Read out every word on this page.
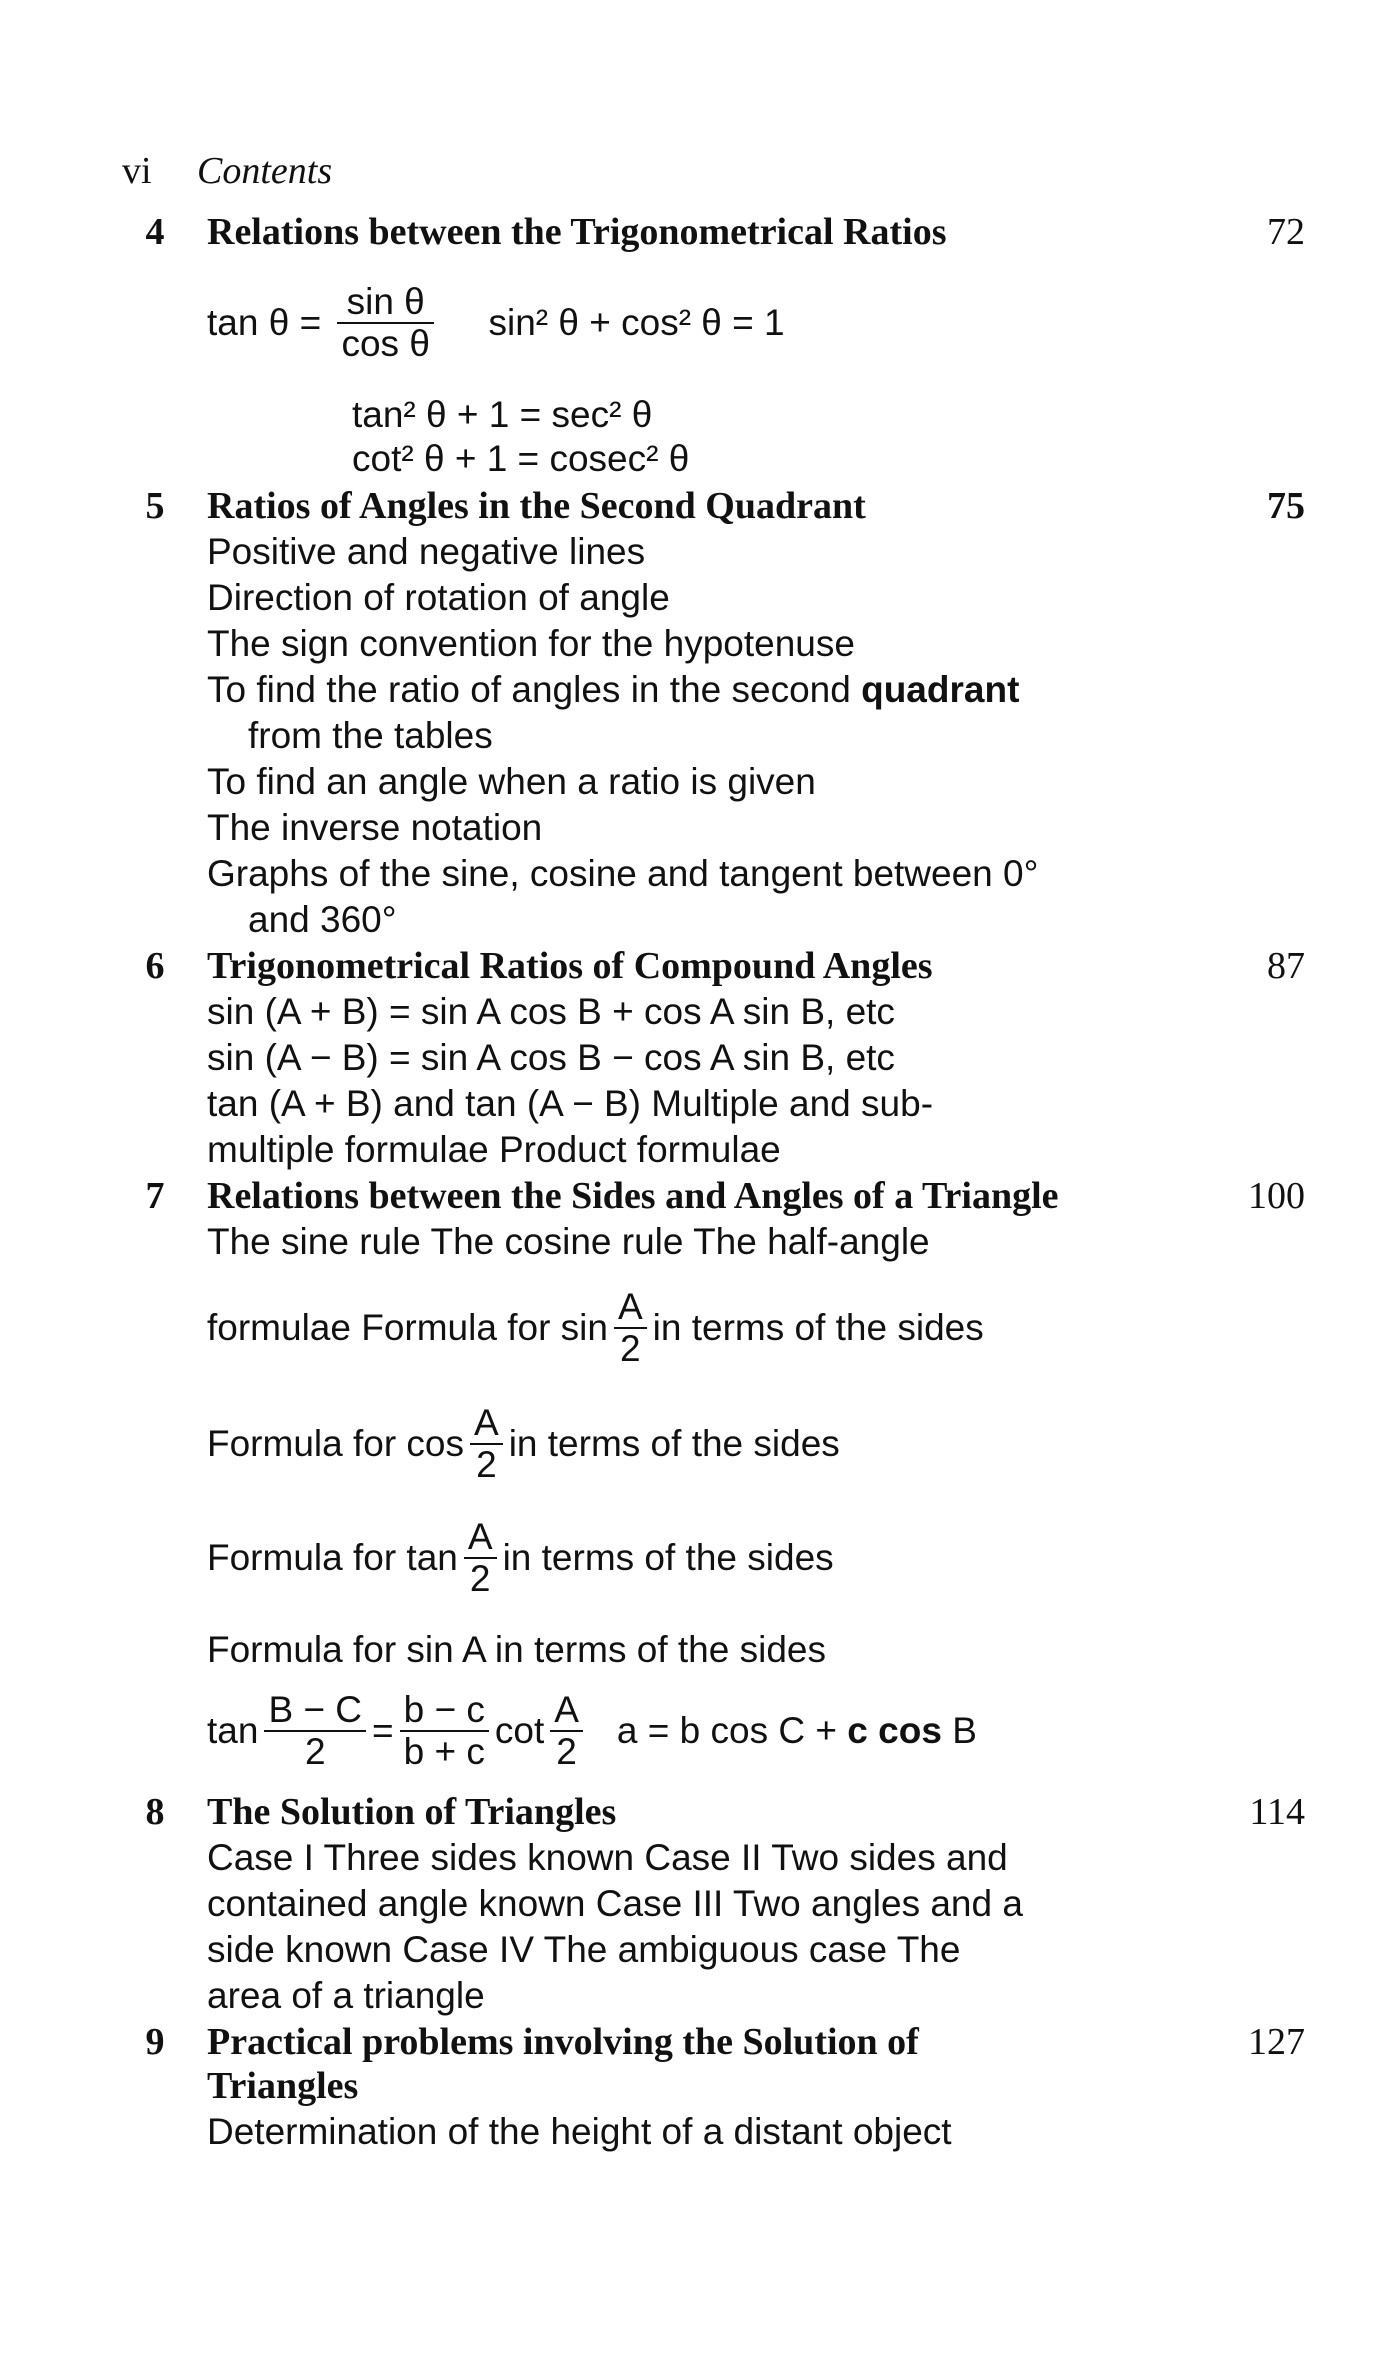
vi Contents
4 Relations between the Trigonometrical Ratios	72
$\tan \theta = \frac{\text{sin θ}}{\text{cos θ}} \sin^2$ θ + cos² θ = 1
tan² θ + 1 = sec² θ
cot² θ + 1 = cosec² θ
5 Ratios of Angles in the Second Quadrant	75
Positive and negative lines
Direction of rotation of angle
The sign convention for the hypotenuse
To find the ratio of angles in the second quadrant
from the tables
To find an angle when a ratio is given
The inverse notation
Graphs of the sine, cosine and tangent between 0°
and 360°
6 Trigonometrical Ratios of Compound Angles	87
sin (A + B) = sin A cos B + cos A sin B, etc
sin (A − B) = sin A cos B − cos A sin B, etc
tan (A + B) and tan (A − B) Multiple and sub-
multiple formulae Product formulae
7 Relations between the Sides and Angles of a Triangle	100
The sine rule The cosine rule The half-angle
formulae Formula for $\sin \frac{A}{2}$ in terms of the sides
Formula for $\cos \frac{A}{2}$ in terms of the sides
Formula for $\tan \frac{A}{2}$ in terms of the sides
Formula for sin A in terms of the sides
$\tan \frac{B - C}{2} = \frac{b - c}{b + c}$ $\cot \frac{A}{2}$ a = b cos C + c cos B
8 The Solution of Triangles	114
Case I Three sides known Case II Two sides and
contained angle known Case III Two angles and a
side known Case IV The ambiguous case The
area of a triangle
9 Practical problems involving the Solution of	127
Triangles
Determination of the height of a distant object
